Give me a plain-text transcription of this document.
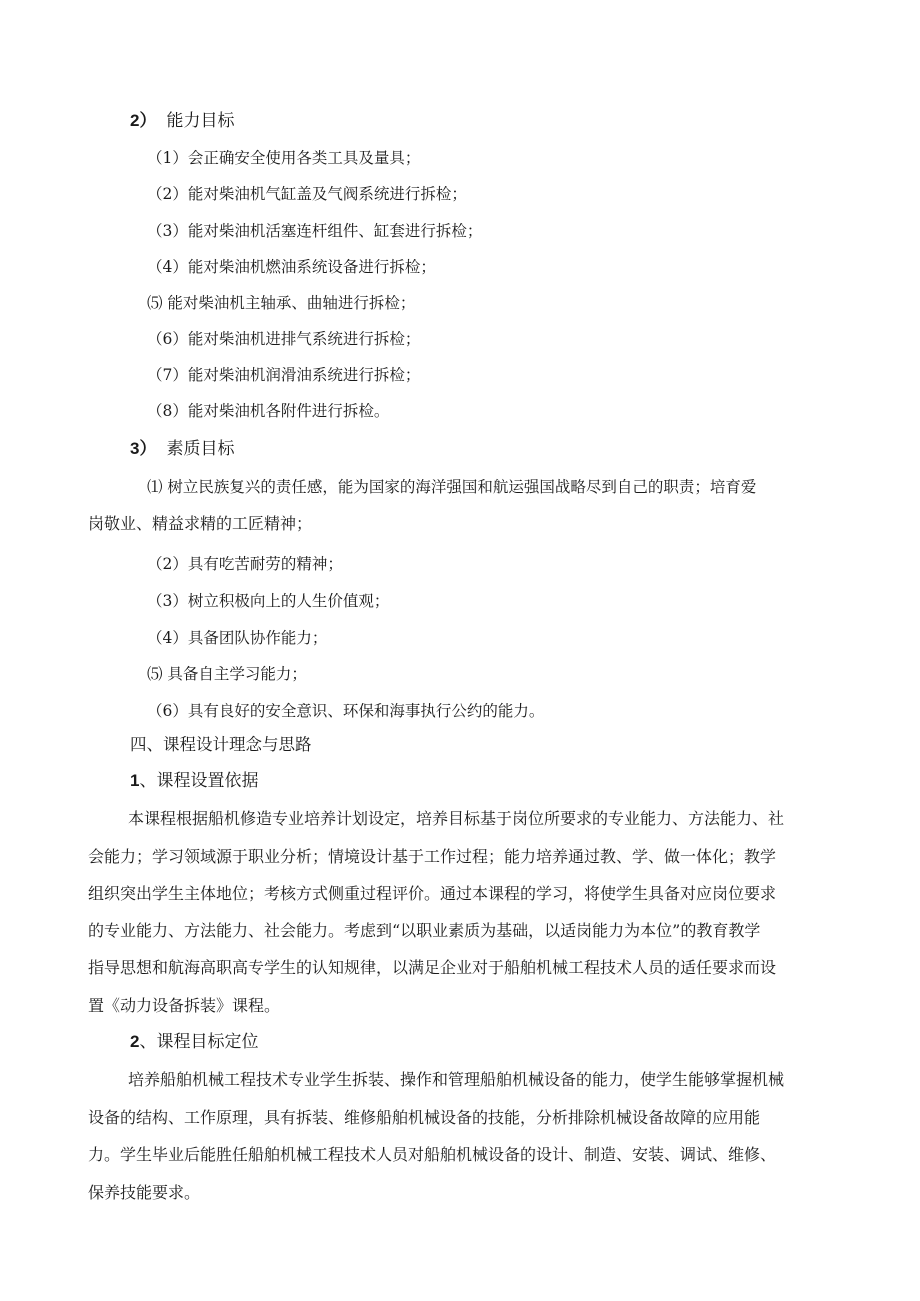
2） 能力目标
（1）会正确安全使用各类工具及量具；
（2）能对柴油机气缸盖及气阀系统进行拆检；
（3）能对柴油机活塞连杆组件、缸套进行拆检；
（4）能对柴油机燃油系统设备进行拆检；
⑸ 能对柴油机主轴承、曲轴进行拆检；
（6）能对柴油机进排气系统进行拆检；
（7）能对柴油机润滑油系统进行拆检；
（8）能对柴油机各附件进行拆检。
3） 素质目标
⑴ 树立民族复兴的责任感，能为国家的海洋强国和航运强国战略尽到自己的职责；培育爱
岗敬业、精益求精的工匠精神；
（2）具有吃苦耐劳的精神；
（3）树立积极向上的人生价值观；
（4）具备团队协作能力；
⑸ 具备自主学习能力；
（6）具有良好的安全意识、环保和海事执行公约的能力。
四、课程设计理念与思路
1、课程设置依据
本课程根据船机修造专业培养计划设定，培养目标基于岗位所要求的专业能力、方法能力、社
会能力；学习领域源于职业分析；情境设计基于工作过程；能力培养通过教、学、做一体化；教学
组织突出学生主体地位；考核方式侧重过程评价。通过本课程的学习，将使学生具备对应岗位要求
的专业能力、方法能力、社会能力。考虑到“以职业素质为基础，以适岗能力为本位”的教育教学
指导思想和航海高职高专学生的认知规律，以满足企业对于船舶机械工程技术人员的适任要求而设
置《动力设备拆装》课程。
2、课程目标定位
培养船舶机械工程技术专业学生拆装、操作和管理船舶机械设备的能力，使学生能够掌握机械
设备的结构、工作原理，具有拆装、维修船舶机械设备的技能，分析排除机械设备故障的应用能
力。学生毕业后能胜任船舶机械工程技术人员对船舶机械设备的设计、制造、安装、调试、维修、
保养技能要求。
